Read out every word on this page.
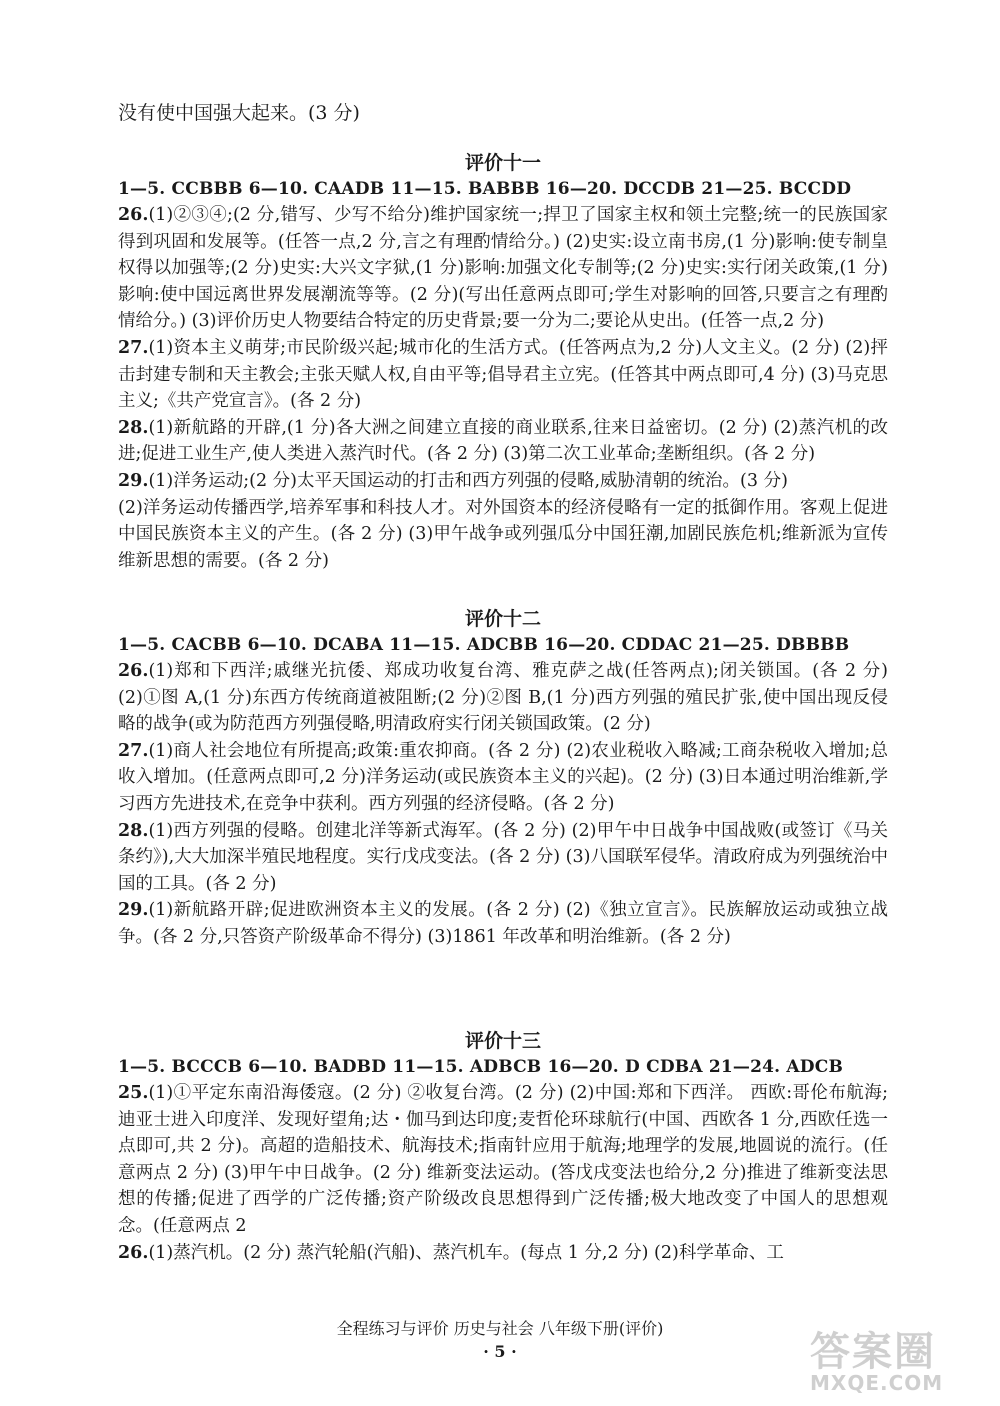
没有使中国强大起来。(3 分)
评价十一
1—5. CCBBB 6—10. CAADB 11—15. BABBB 16—20. DCCDB 21—25. BCCDD
26.(1)②③④;(2 分,错写、少写不给分)维护国家统一;捍卫了国家主权和领土完整;统一的民族国家得到巩固和发展等。(任答一点,2 分,言之有理酌情给分。) (2)史实:设立南书房,(1 分)影响:使专制皇权得以加强等;(2 分)史实:大兴文字狱,(1 分)影响:加强文化专制等;(2 分)史实:实行闭关政策,(1 分)影响:使中国远离世界发展潮流等等。(2 分)(写出任意两点即可;学生对影响的回答,只要言之有理酌情给分。) (3)评价历史人物要结合特定的历史背景;要一分为二;要论从史出。(任答一点,2 分)
27.(1)资本主义萌芽;市民阶级兴起;城市化的生活方式。(任答两点为,2 分)人文主义。(2 分) (2)抨击封建专制和天主教会;主张天赋人权,自由平等;倡导君主立宪。(任答其中两点即可,4 分) (3)马克思主义;《共产党宣言》。(各 2 分)
28.(1)新航路的开辟,(1 分)各大洲之间建立直接的商业联系,往来日益密切。(2 分) (2)蒸汽机的改进;促进工业生产,使人类进入蒸汽时代。(各 2 分) (3)第二次工业革命;垄断组织。(各 2 分)
29.(1)洋务运动;(2 分)太平天国运动的打击和西方列强的侵略,威胁清朝的统治。(3 分)
(2)洋务运动传播西学,培养军事和科技人才。对外国资本的经济侵略有一定的抵御作用。客观上促进中国民族资本主义的产生。(各 2 分) (3)甲午战争或列强瓜分中国狂潮,加剧民族危机;维新派为宣传维新思想的需要。(各 2 分)
评价十二
1—5. CACBB 6—10. DCABA 11—15. ADCBB 16—20. CDDAC 21—25. DBBBB
26.(1)郑和下西洋;戚继光抗倭、郑成功收复台湾、雅克萨之战(任答两点);闭关锁国。(各 2 分) (2)①图 A,(1 分)东西方传统商道被阻断;(2 分)②图 B,(1 分)西方列强的殖民扩张,使中国出现反侵略的战争(或为防范西方列强侵略,明清政府实行闭关锁国政策。(2 分)
27.(1)商人社会地位有所提高;政策:重农抑商。(各 2 分) (2)农业税收入略减;工商杂税收入增加;总收入增加。(任意两点即可,2 分)洋务运动(或民族资本主义的兴起)。(2 分) (3)日本通过明治维新,学习西方先进技术,在竞争中获利。西方列强的经济侵略。(各 2 分)
28.(1)西方列强的侵略。创建北洋等新式海军。(各 2 分) (2)甲午中日战争中国战败(或签订《马关条约》),大大加深半殖民地程度。实行戊戌变法。(各 2 分) (3)八国联军侵华。清政府成为列强统治中国的工具。(各 2 分)
29.(1)新航路开辟;促进欧洲资本主义的发展。(各 2 分) (2)《独立宣言》。民族解放运动或独立战争。(各 2 分,只答资产阶级革命不得分) (3)1861 年改革和明治维新。(各 2 分)
评价十三
1—5. BCCCB 6—10. BADBD 11—15. ADBCB 16—20. D CDBA 21—24. ADCB
25.(1)①平定东南沿海倭寇。(2 分) ②收复台湾。(2 分) (2)中国:郑和下西洋。 西欧:哥伦布航海;迪亚士进入印度洋、发现好望角;达・伽马到达印度;麦哲伦环球航行(中国、西欧各 1 分,西欧任选一点即可,共 2 分)。高超的造船技术、航海技术;指南针应用于航海;地理学的发展,地圆说的流行。(任意两点 2 分) (3)甲午中日战争。(2 分) 维新变法运动。(答戊戌变法也给分,2 分)推进了维新变法思想的传播;促进了西学的广泛传播;资产阶级改良思想得到广泛传播;极大地改变了中国人的思想观念。(任意两点 2
26.(1)蒸汽机。(2 分) 蒸汽轮船(汽船)、蒸汽机车。(每点 1 分,2 分) (2)科学革命、工
全程练习与评价 历史与社会 八年级下册(评价)
· 5 ·	答案圈
MXQE.COM
